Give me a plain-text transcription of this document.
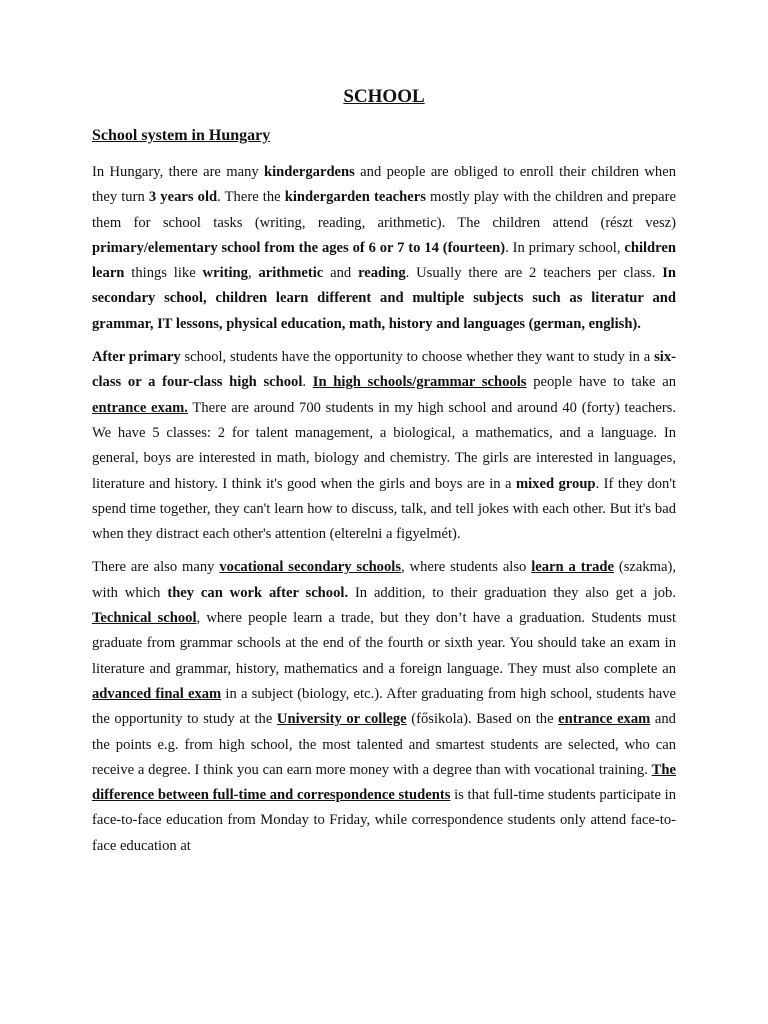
SCHOOL
School system in Hungary

In Hungary, there are many kindergardens and people are obliged to enroll their children when they turn 3 years old. There the kindergarden teachers mostly play with the children and prepare them for school tasks (writing, reading, arithmetic). The children attend (részt vesz) primary/elementary school from the ages of 6 or 7 to 14 (fourteen). In primary school, children learn things like writing, arithmetic and reading. Usually there are 2 teachers per class. In secondary school, children learn different and multiple subjects such as literatur and grammar, IT lessons, physical education, math, history and languages (german, english).

After primary school, students have the opportunity to choose whether they want to study in a six-class or a four-class high school. In high schools/grammar schools people have to take an entrance exam. There are around 700 students in my high school and around 40 (forty) teachers. We have 5 classes: 2 for talent management, a biological, a mathematics, and a language. In general, boys are interested in math, biology and chemistry. The girls are interested in languages, literature and history. I think it's good when the girls and boys are in a mixed group. If they don't spend time together, they can't learn how to discuss, talk, and tell jokes with each other. But it's bad when they distract each other's attention (elterelni a figyelmét).

There are also many vocational secondary schools, where students also learn a trade (szakma), with which they can work after school. In addition, to their graduation they also get a job. Technical school, where people learn a trade, but they don’t have a graduation. Students must graduate from grammar schools at the end of the fourth or sixth year. You should take an exam in literature and grammar, history, mathematics and a foreign language. They must also complete an advanced final exam in a subject (biology, etc.). After graduating from high school, students have the opportunity to study at the University or college (fősikola). Based on the entrance exam and the points e.g. from high school, the most talented and smartest students are selected, who can receive a degree. I think you can earn more money with a degree than with vocational training. The difference between full-time and correspondence students is that full-time students participate in face-to-face education from Monday to Friday, while correspondence students only attend face-to-face education at
